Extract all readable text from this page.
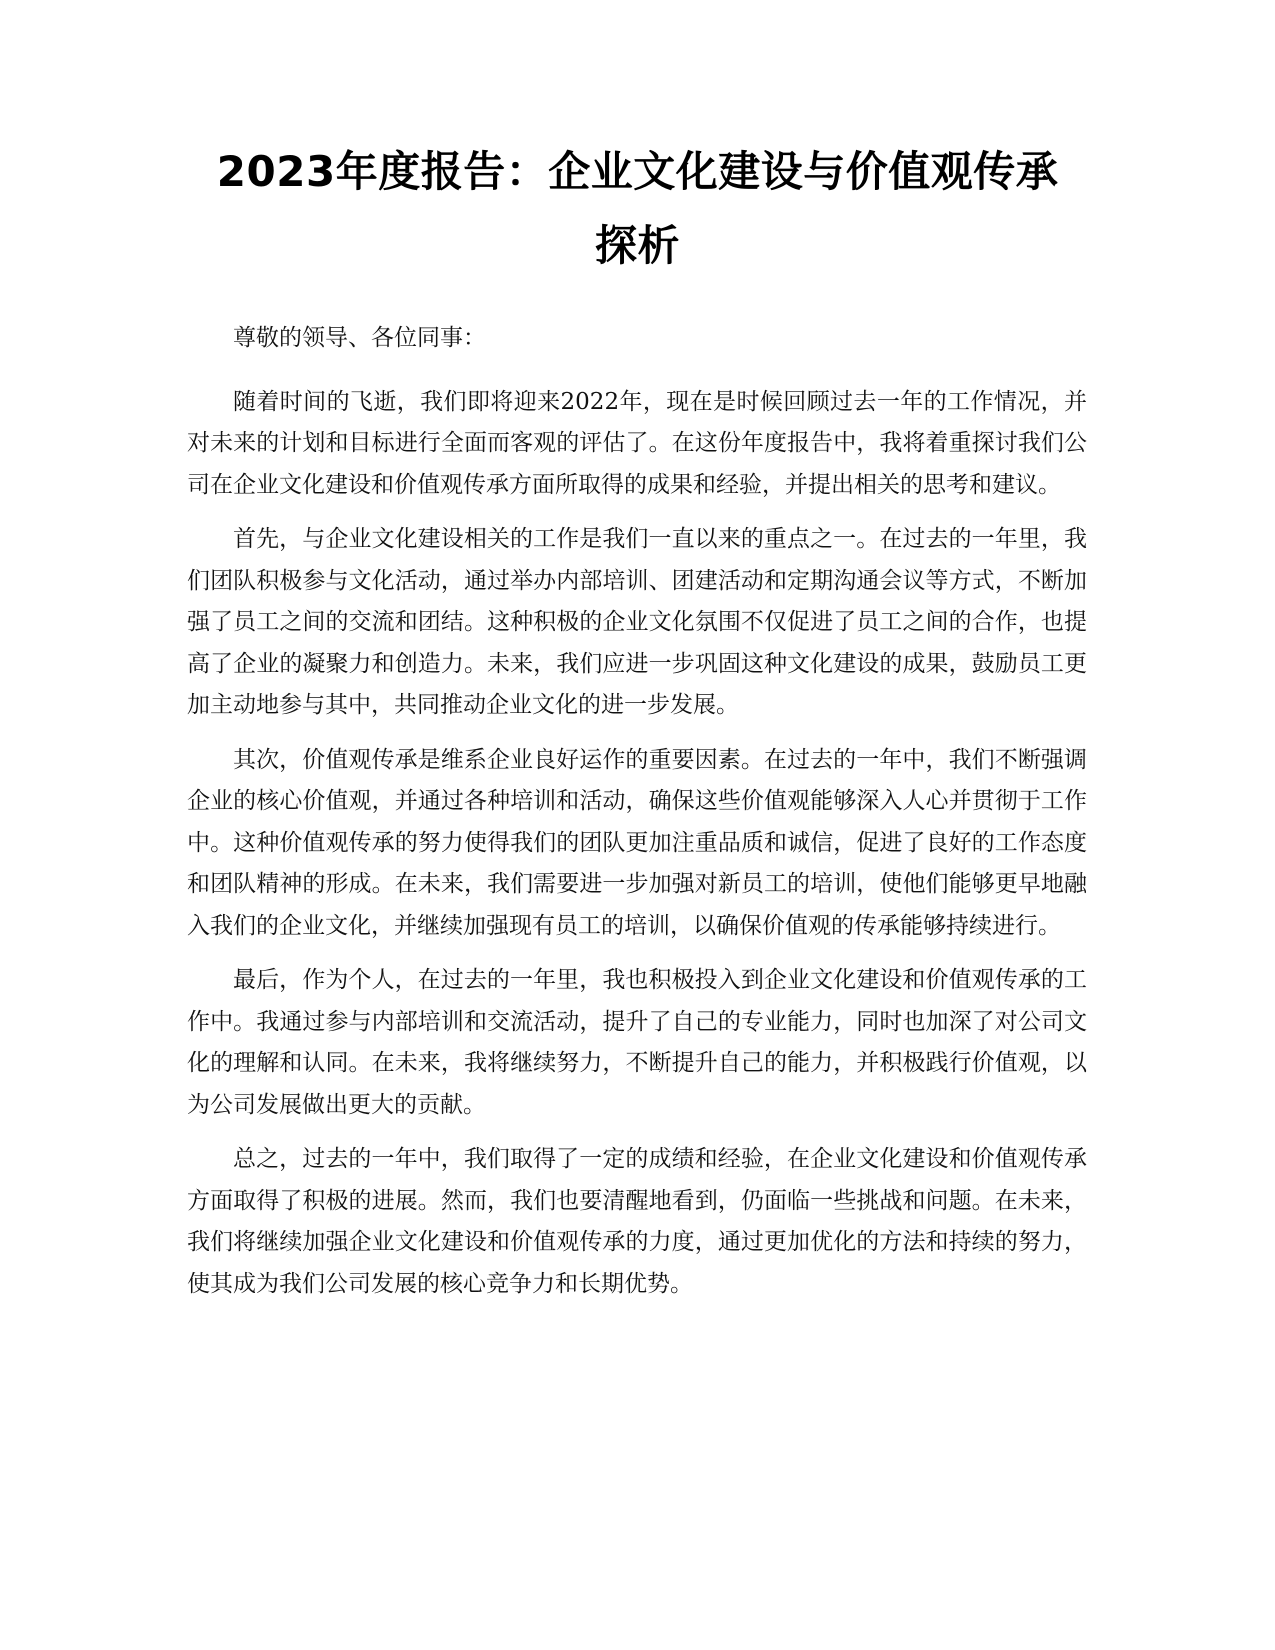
2023年度报告：企业文化建设与价值观传承
探析

尊敬的领导、各位同事：

随着时间的飞逝，我们即将迎来2022年，现在是时候回顾过去一年的工作情况，并对未来的计划和目标进行全面而客观的评估了。在这份年度报告中，我将着重探讨我们公司在企业文化建设和价值观传承方面所取得的成果和经验，并提出相关的思考和建议。

首先，与企业文化建设相关的工作是我们一直以来的重点之一。在过去的一年里，我们团队积极参与文化活动，通过举办内部培训、团建活动和定期沟通会议等方式，不断加强了员工之间的交流和团结。这种积极的企业文化氛围不仅促进了员工之间的合作，也提高了企业的凝聚力和创造力。未来，我们应进一步巩固这种文化建设的成果，鼓励员工更加主动地参与其中，共同推动企业文化的进一步发展。

其次，价值观传承是维系企业良好运作的重要因素。在过去的一年中，我们不断强调企业的核心价值观，并通过各种培训和活动，确保这些价值观能够深入人心并贯彻于工作中。这种价值观传承的努力使得我们的团队更加注重品质和诚信，促进了良好的工作态度和团队精神的形成。在未来，我们需要进一步加强对新员工的培训，使他们能够更早地融入我们的企业文化，并继续加强现有员工的培训，以确保价值观的传承能够持续进行。

最后，作为个人，在过去的一年里，我也积极投入到企业文化建设和价值观传承的工作中。我通过参与内部培训和交流活动，提升了自己的专业能力，同时也加深了对公司文化的理解和认同。在未来，我将继续努力，不断提升自己的能力，并积极践行价值观，以为公司发展做出更大的贡献。

总之，过去的一年中，我们取得了一定的成绩和经验，在企业文化建设和价值观传承方面取得了积极的进展。然而，我们也要清醒地看到，仍面临一些挑战和问题。在未来，我们将继续加强企业文化建设和价值观传承的力度，通过更加优化的方法和持续的努力，使其成为我们公司发展的核心竞争力和长期优势。
